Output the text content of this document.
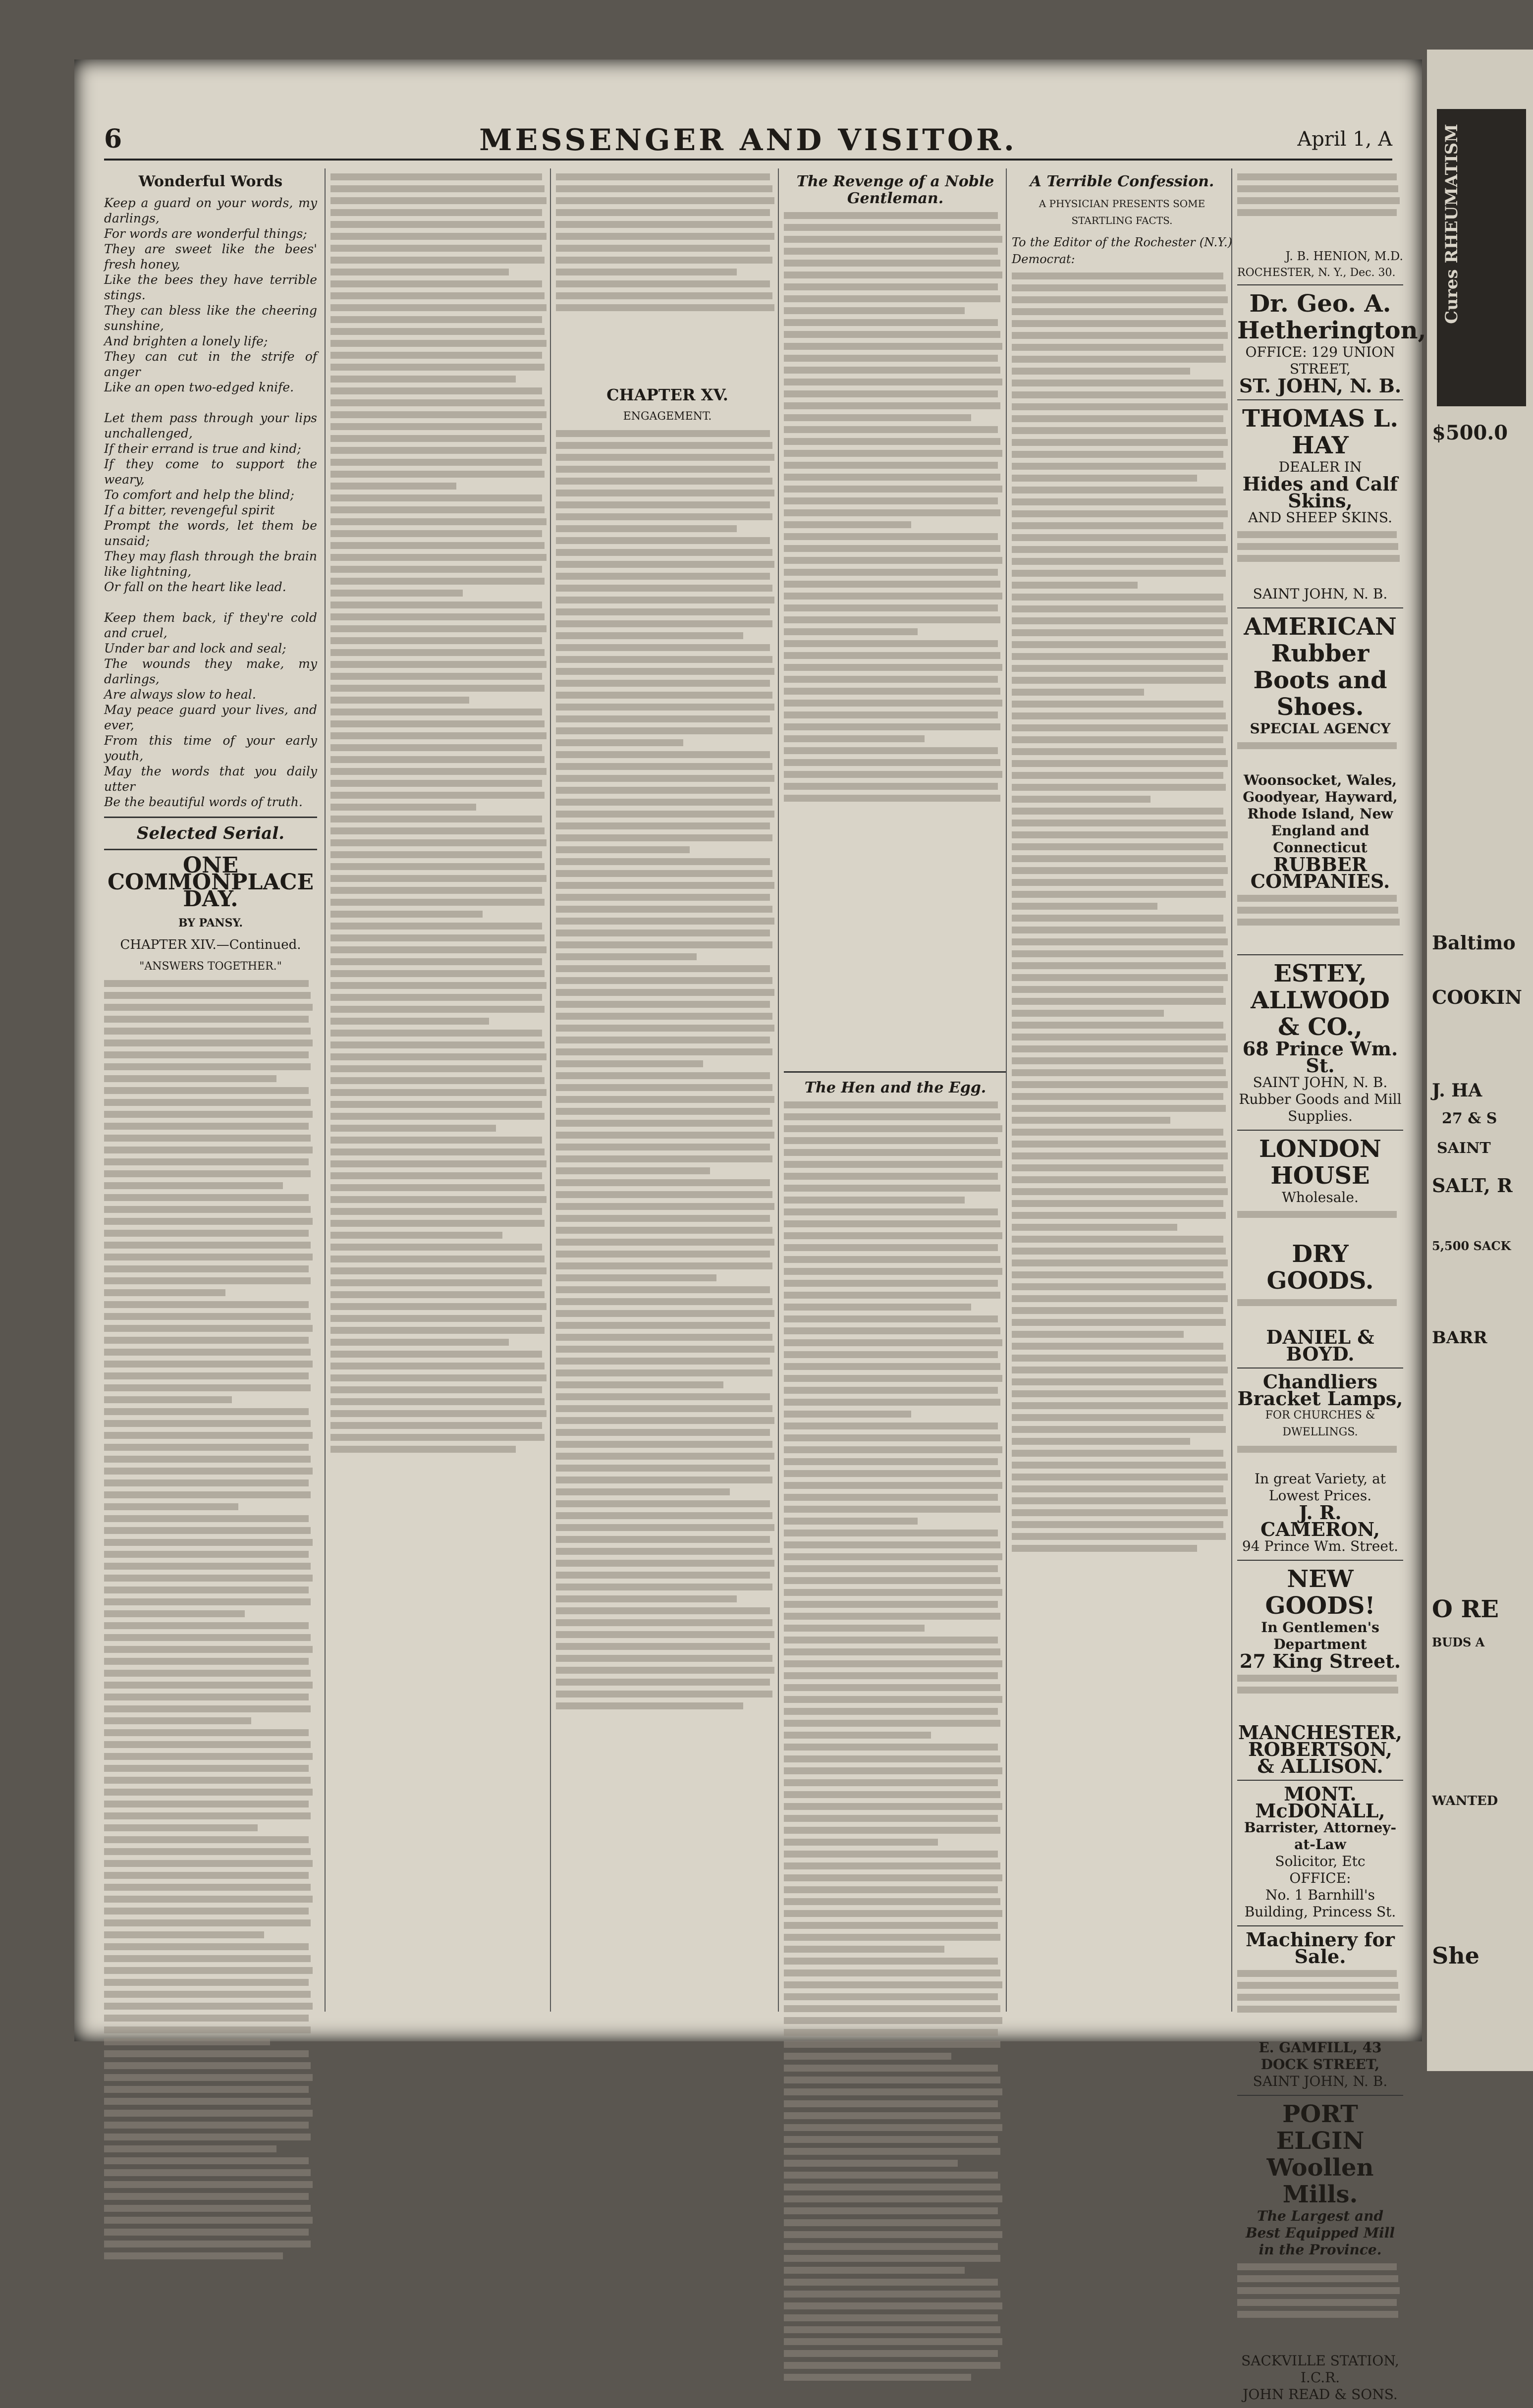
6	MESSENGER AND VISITOR.	April 1, A
Wonderful Words
Keep a guard on your words, my darlings,
For words are wonderful things;
They are sweet like the bees' fresh honey,
Like the bees they have terrible stings.
They can bless like the cheering sunshine,
And brighten a lonely life;
They can cut in the strife of anger
Like an open two-edged knife.

Let them pass through your lips unchallenged,
If their errand is true and kind;
If they come to support the weary,
To comfort and help the blind;
If a bitter, revengeful spirit
Prompt the words, let them be unsaid;
They may flash through the brain like lightning,
Or fall on the heart like lead.

Keep them back, if they're cold and cruel,
Under bar and lock and seal;
The wounds they make, my darlings,
Are always slow to heal.
May peace guard your lives, and ever,
From this time of your early youth,
May the words that you daily utter
Be the beautiful words of truth.
Selected Serial.
ONE COMMONPLACE DAY.
BY PANSY.
CHAPTER XIV.—Continued.
"ANSWERS TOGETHER."
CHAPTER XV.
ENGAGEMENT.
The Revenge of a Noble Gentleman.
The Hen and the Egg.
A Terrible Confession.
A PHYSICIAN PRESENTS SOME STARTLING FACTS.
To the Editor of the Rochester (N.Y.) Democrat:	J. B. HENION, M.D.
ROCHESTER, N. Y., Dec. 30.
Dr. Geo. A. Hetherington,
OFFICE: 129 UNION STREET,
ST. JOHN, N. B.
THOMAS L. HAY
DEALER IN
Hides and Calf Skins,
AND SHEEP SKINS.
SAINT JOHN, N. B.
AMERICAN Rubber Boots and Shoes.
SPECIAL AGENCY
Woonsocket, Wales, Goodyear, Hayward, Rhode Island, New England and Connecticut
RUBBER COMPANIES.
ESTEY, ALLWOOD & CO.,
68 Prince Wm. St.
SAINT JOHN, N. B.
Rubber Goods and Mill Supplies.
LONDON HOUSE
Wholesale.
DRY GOODS.
DANIEL & BOYD.
Chandliers Bracket Lamps,
FOR CHURCHES & DWELLINGS.
In great Variety, at Lowest Prices.
J. R. CAMERON,
94 Prince Wm. Street.
NEW GOODS!
In Gentlemen's Department
27 King Street.
MANCHESTER, ROBERTSON, & ALLISON.
MONT. McDONALL,
Barrister, Attorney-at-Law
Solicitor, Etc
OFFICE:
No. 1 Barnhill's Building, Princess St.
Machinery for Sale.
E. GAMFILL, 43 DOCK STREET,
SAINT JOHN, N. B.
PORT ELGIN Woollen Mills.
The Largest and Best Equipped Mill in the Province.
SACKVILLE STATION, I.C.R.
JOHN READ & SONS.
Cures RHEUMATISM
$500.0
Baltimo
COOKIN
J. HA
27 & S
SAINT
SALT, R
5,500 SACK
BARR
O RE
BUDS A
WANTED
She
